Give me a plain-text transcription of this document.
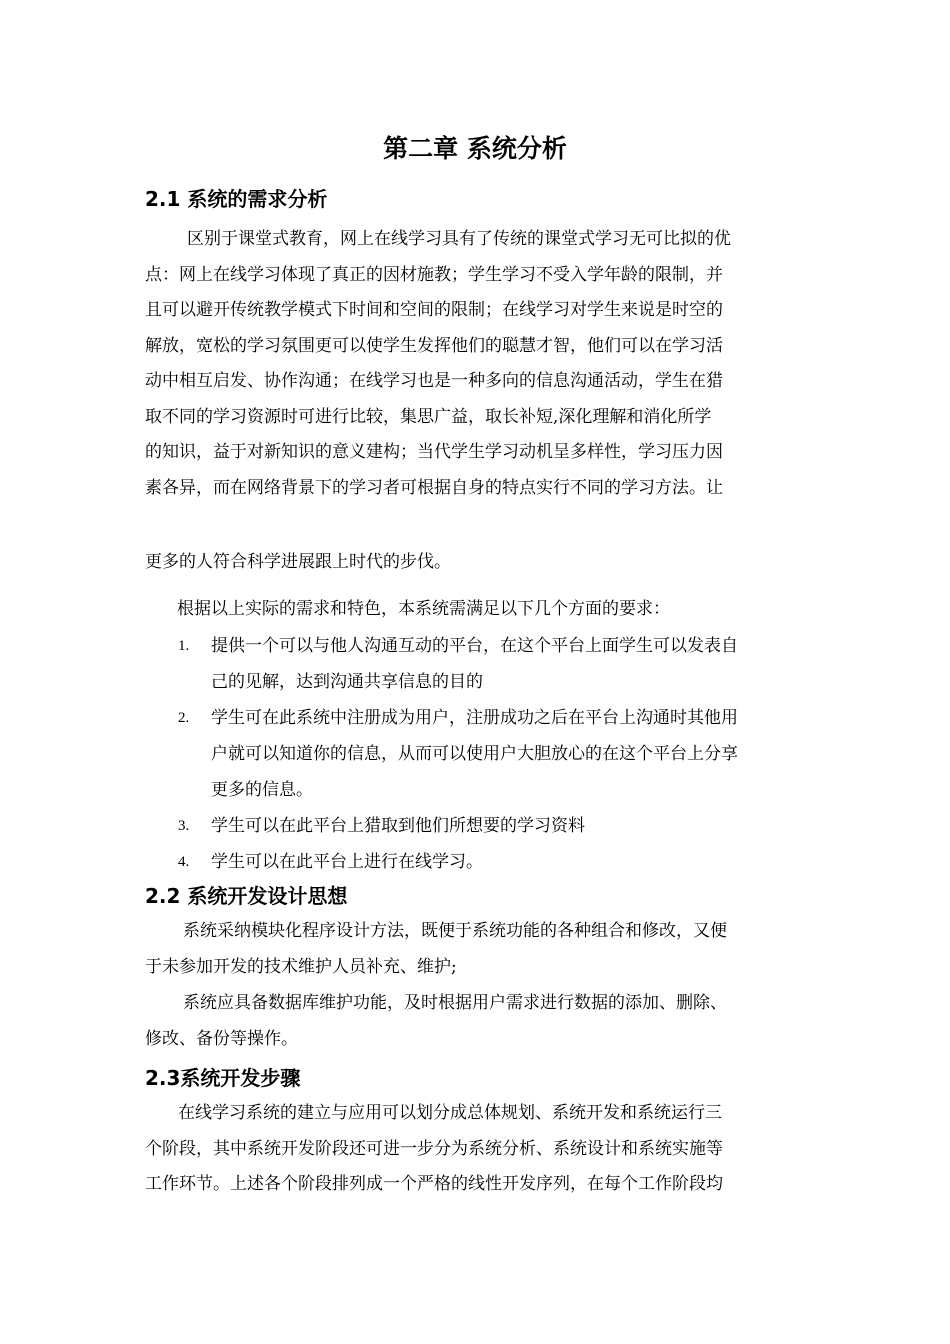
第二章 系统分析
2.1 系统的需求分析
区别于课堂式教育，网上在线学习具有了传统的课堂式学习无可比拟的优
点：网上在线学习体现了真正的因材施教；学生学习不受入学年龄的限制，并
且可以避开传统教学模式下时间和空间的限制；在线学习对学生来说是时空的
解放，宽松的学习氛围更可以使学生发挥他们的聪慧才智，他们可以在学习活
动中相互启发、协作沟通；在线学习也是一种多向的信息沟通活动，学生在猎
取不同的学习资源时可进行比较，集思广益，取长补短,深化理解和消化所学
的知识，益于对新知识的意义建构；当代学生学习动机呈多样性，学习压力因
素各异，而在网络背景下的学习者可根据自身的特点实行不同的学习方法。让
更多的人符合科学进展跟上时代的步伐。
根据以上实际的需求和特色，本系统需满足以下几个方面的要求：
1. 提供一个可以与他人沟通互动的平台，在这个平台上面学生可以发表自
己的见解，达到沟通共享信息的目的
2. 学生可在此系统中注册成为用户，注册成功之后在平台上沟通时其他用
户就可以知道你的信息，从而可以使用户大胆放心的在这个平台上分享
更多的信息。
3. 学生可以在此平台上猎取到他们所想要的学习资料
4. 学生可以在此平台上进行在线学习。
2.2 系统开发设计思想
系统采纳模块化程序设计方法，既便于系统功能的各种组合和修改，又便
于未参加开发的技术维护人员补充、维护;
系统应具备数据库维护功能，及时根据用户需求进行数据的添加、删除、
修改、备份等操作。
2.3系统开发步骤
在线学习系统的建立与应用可以划分成总体规划、系统开发和系统运行三
个阶段，其中系统开发阶段还可进一步分为系统分析、系统设计和系统实施等
工作环节。上述各个阶段排列成一个严格的线性开发序列，在每个工作阶段均
